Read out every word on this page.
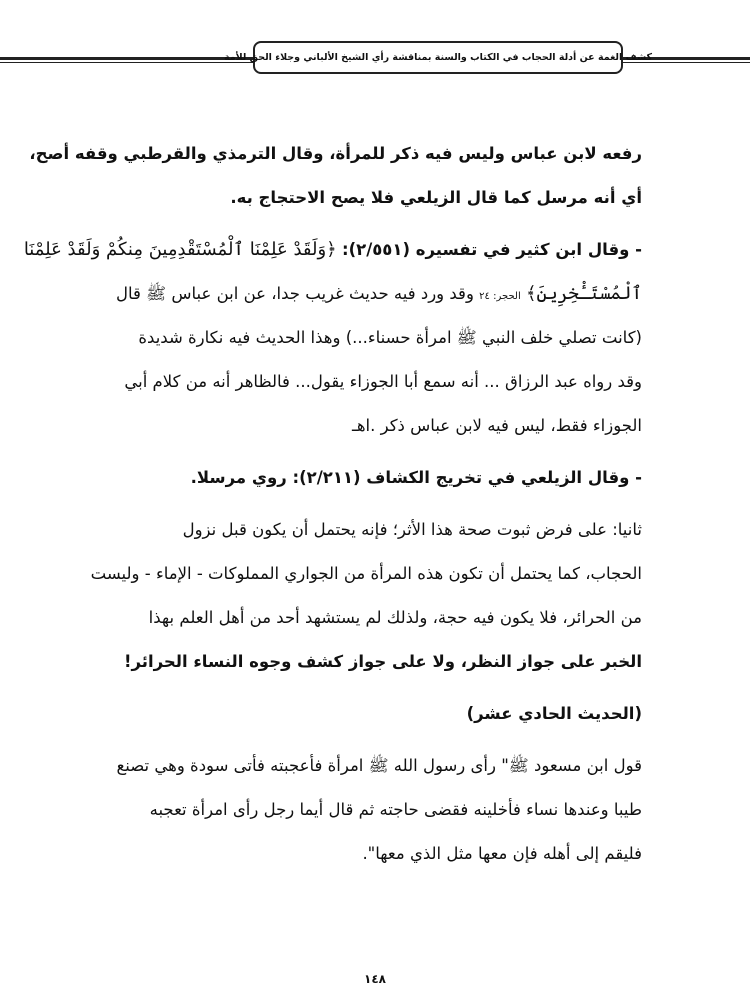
كشف الغمة عن أدلة الحجاب في الكتاب والسنة بمناقشة رأي الشيخ الألباني وجلاء الحق للأمة
رفعه لابن عباس وليس فيه ذكر للمرأة، وقال الترمذي والقرطبي وقفه أصح،
أي أنه مرسل كما قال الزيلعي فلا يصح الاحتجاج به.
- وقال ابن كثير في تفسيره (٢/٥٥١): ﴿وَلَقَدْ عَلِمْنَا ٱلْمُسْتَقْدِمِينَ مِنكُمْ وَلَقَدْ عَلِمْنَا
ٱلْمُسْتَـْٔخِرِينَ﴾ الحجر: ٢٤ وقد ورد فيه حديث غريب جدا، عن ابن عباس ﷺ قال
(كانت تصلي خلف النبي ﷺ امرأة حسناء...) وهذا الحديث فيه نكارة شديدة
وقد رواه عبد الرزاق ... أنه سمع أبا الجوزاء يقول... فالظاهر أنه من كلام أبي
الجوزاء فقط، ليس فيه لابن عباس ذكر .اهـ
- وقال الزيلعي في تخريج الكشاف (٢/٢١١): روي مرسلا.
ثانيا: على فرض ثبوت صحة هذا الأثر؛ فإنه يحتمل أن يكون قبل نزول
الحجاب، كما يحتمل أن تكون هذه المرأة من الجواري المملوكات - الإماء - وليست
من الحرائر، فلا يكون فيه حجة، ولذلك لم يستشهد أحد من أهل العلم بهذا
الخبر على جواز النظر، ولا على جواز كشف وجوه النساء الحرائر!
(الحديث الحادي عشر)
قول ابن مسعود ﷺ" رأى رسول الله ﷺ امرأة فأعجبته فأتى سودة وهي تصنع
طيبا وعندها نساء فأخلينه فقضى حاجته ثم قال أيما رجل رأى امرأة تعجبه
فليقم إلى أهله فإن معها مثل الذي معها".
١٤٨
